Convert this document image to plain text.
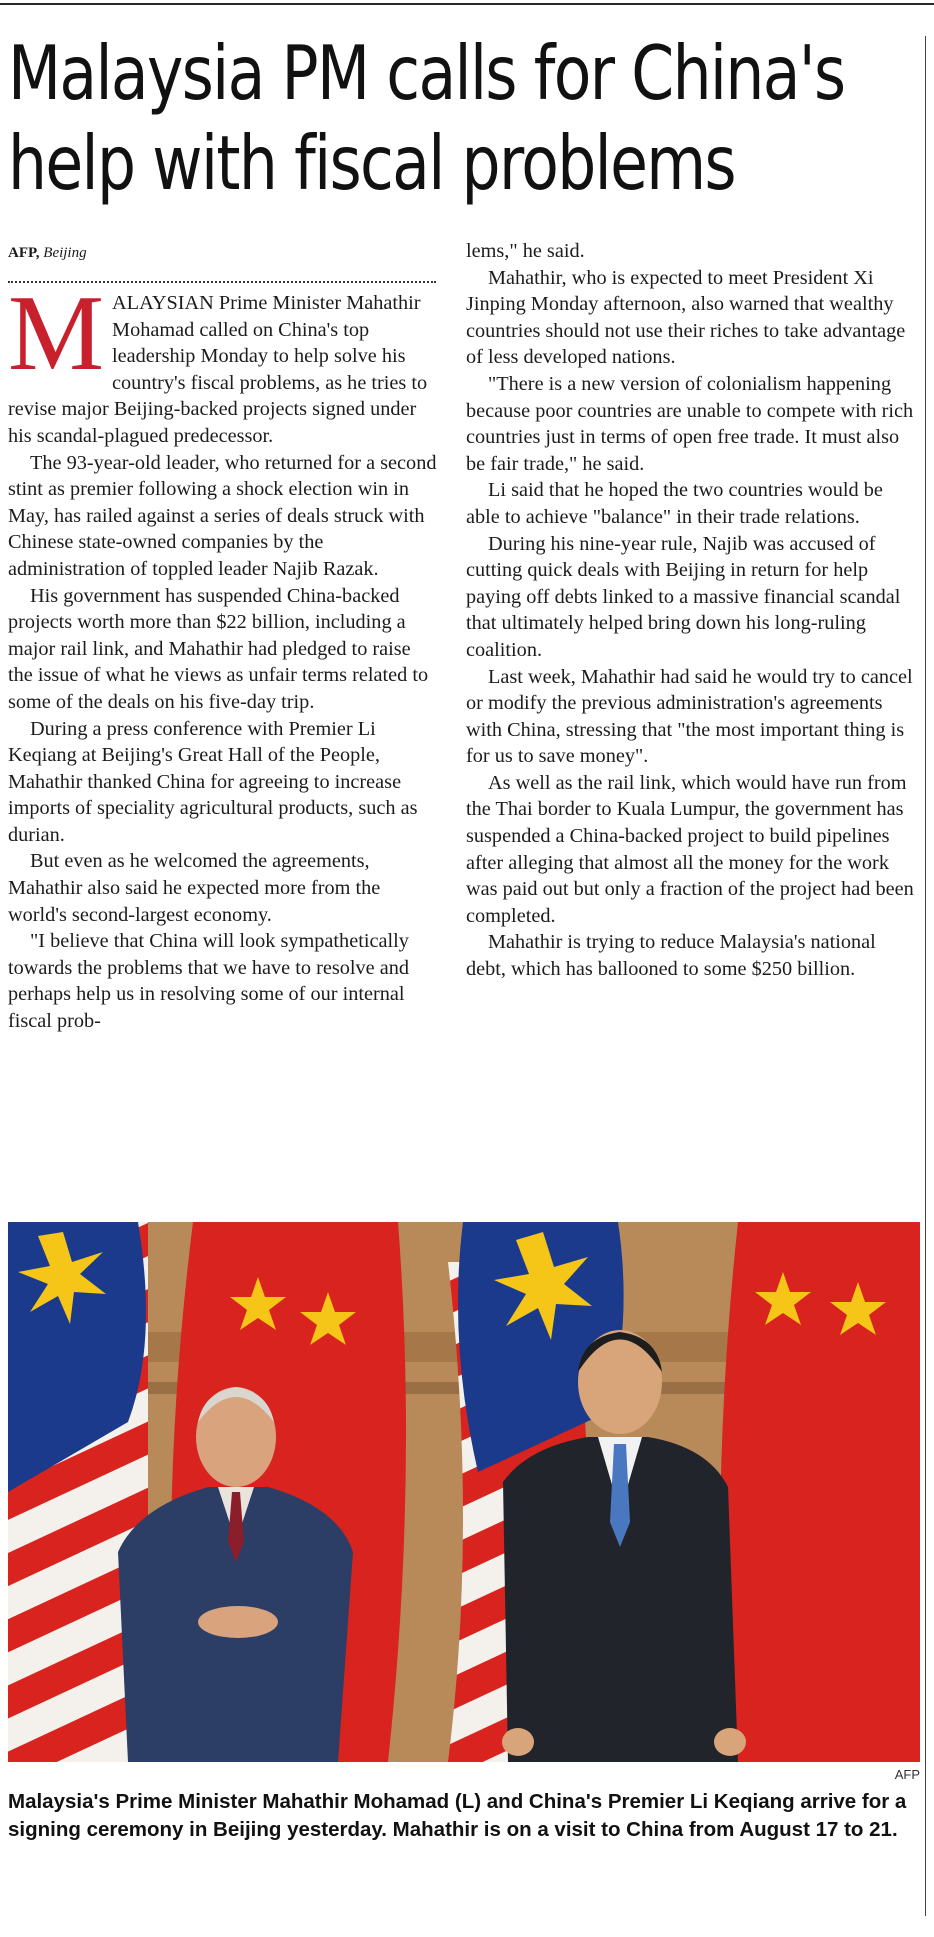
Malaysia PM calls for China's
help with fiscal problems
AFP, Beijing

MALAYSIAN Prime Minister Mahathir Mohamad called on China's top leadership Monday to help solve his country's fiscal problems, as he tries to revise major Beijing-backed projects signed under his scandal-plagued predecessor.

The 93-year-old leader, who returned for a second stint as premier following a shock election win in May, has railed against a series of deals struck with Chinese state-owned companies by the administration of toppled leader Najib Razak.

His government has suspended China-backed projects worth more than $22 billion, including a major rail link, and Mahathir had pledged to raise the issue of what he views as unfair terms related to some of the deals on his five-day trip.

During a press conference with Premier Li Keqiang at Beijing's Great Hall of the People, Mahathir thanked China for agreeing to increase imports of speciality agricultural products, such as durian.

But even as he welcomed the agreements, Mahathir also said he expected more from the world's second-largest economy.

"I believe that China will look sympathetically towards the problems that we have to resolve and perhaps help us in resolving some of our internal fiscal prob-

lems," he said.

Mahathir, who is expected to meet President Xi Jinping Monday afternoon, also warned that wealthy countries should not use their riches to take advantage of less developed nations.

"There is a new version of colonialism happening because poor countries are unable to compete with rich countries just in terms of open free trade. It must also be fair trade," he said.

Li said that he hoped the two countries would be able to achieve "balance" in their trade relations.

During his nine-year rule, Najib was accused of cutting quick deals with Beijing in return for help paying off debts linked to a massive financial scandal that ultimately helped bring down his long-ruling coalition.

Last week, Mahathir had said he would try to cancel or modify the previous administration's agreements with China, stressing that "the most important thing is for us to save money".

As well as the rail link, which would have run from the Thai border to Kuala Lumpur, the government has suspended a China-backed project to build pipelines after alleging that almost all the money for the work was paid out but only a fraction of the project had been completed.

Mahathir is trying to reduce Malaysia's national debt, which has ballooned to some $250 billion.

AFP

Malaysia's Prime Minister Mahathir Mohamad (L) and China's Premier Li Keqiang arrive for a signing ceremony in Beijing yesterday. Mahathir is on a visit to China from August 17 to 21.
